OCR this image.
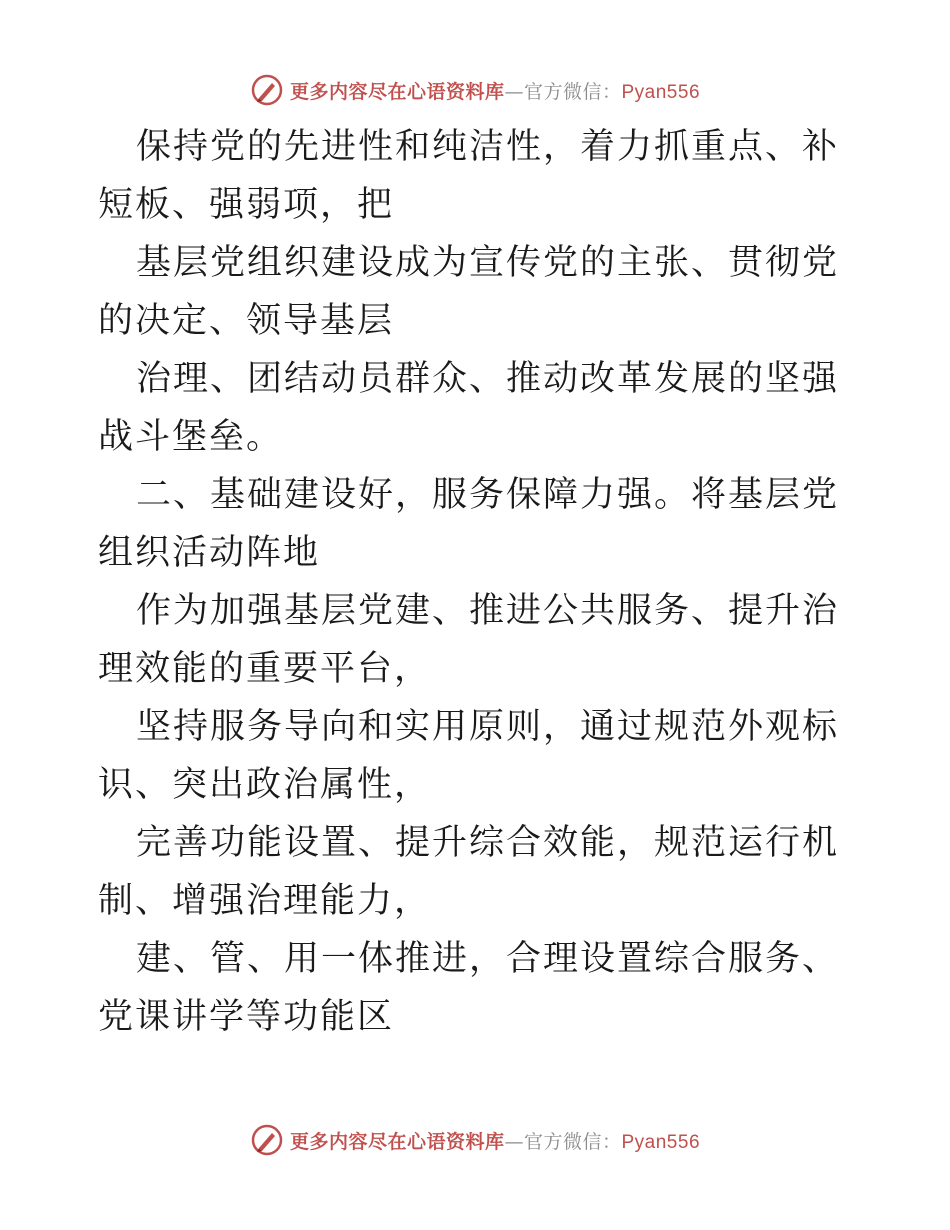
更多内容尽在心语资料库—官方微信：Pyan556

保持党的先进性和纯洁性，着力抓重点、补短板、强弱项，把

基层党组织建设成为宣传党的主张、贯彻党的决定、领导基层

治理、团结动员群众、推动改革发展的坚强战斗堡垒。

二、基础建设好，服务保障力强。将基层党组织活动阵地

作为加强基层党建、推进公共服务、提升治理效能的重要平台，

坚持服务导向和实用原则，通过规范外观标识、突出政治属性，

完善功能设置、提升综合效能，规范运行机制、增强治理能力，

建、管、用一体推进，合理设置综合服务、党课讲学等功能区

更多内容尽在心语资料库—官方微信：Pyan556
